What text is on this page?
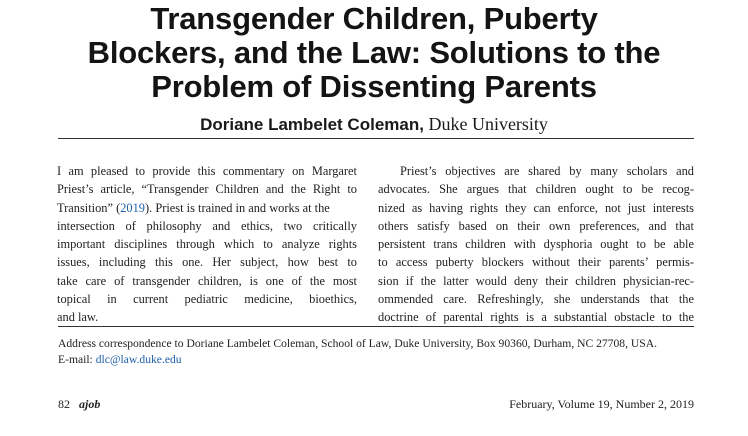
Transgender Children, Puberty
Blockers, and the Law: Solutions to the
Problem of Dissenting Parents
Doriane Lambelet Coleman, Duke University

I am pleased to provide this commentary on Margaret
Priest’s article, “Transgender Children and the Right to
Transition” (2019). Priest is trained in and works at the
intersection of philosophy and ethics, two critically
important disciplines through which to analyze rights
issues, including this one. Her subject, how best to
take care of transgender children, is one of the most
topical in current pediatric medicine, bioethics,
and law.

Priest’s objectives are shared by many scholars and
advocates. She argues that children ought to be recog-
nized as having rights they can enforce, not just interests
others satisfy based on their own preferences, and that
persistent trans children with dysphoria ought to be able
to access puberty blockers without their parents’ permis-
sion if the latter would deny their children physician-rec-
ommended care. Refreshingly, she understands that the
doctrine of parental rights is a substantial obstacle to the

Address correspondence to Doriane Lambelet Coleman, School of Law, Duke University, Box 90360, Durham, NC 27708, USA.
E-mail: dlc@law.duke.edu
82 ajob	February, Volume 19, Number 2, 2019
